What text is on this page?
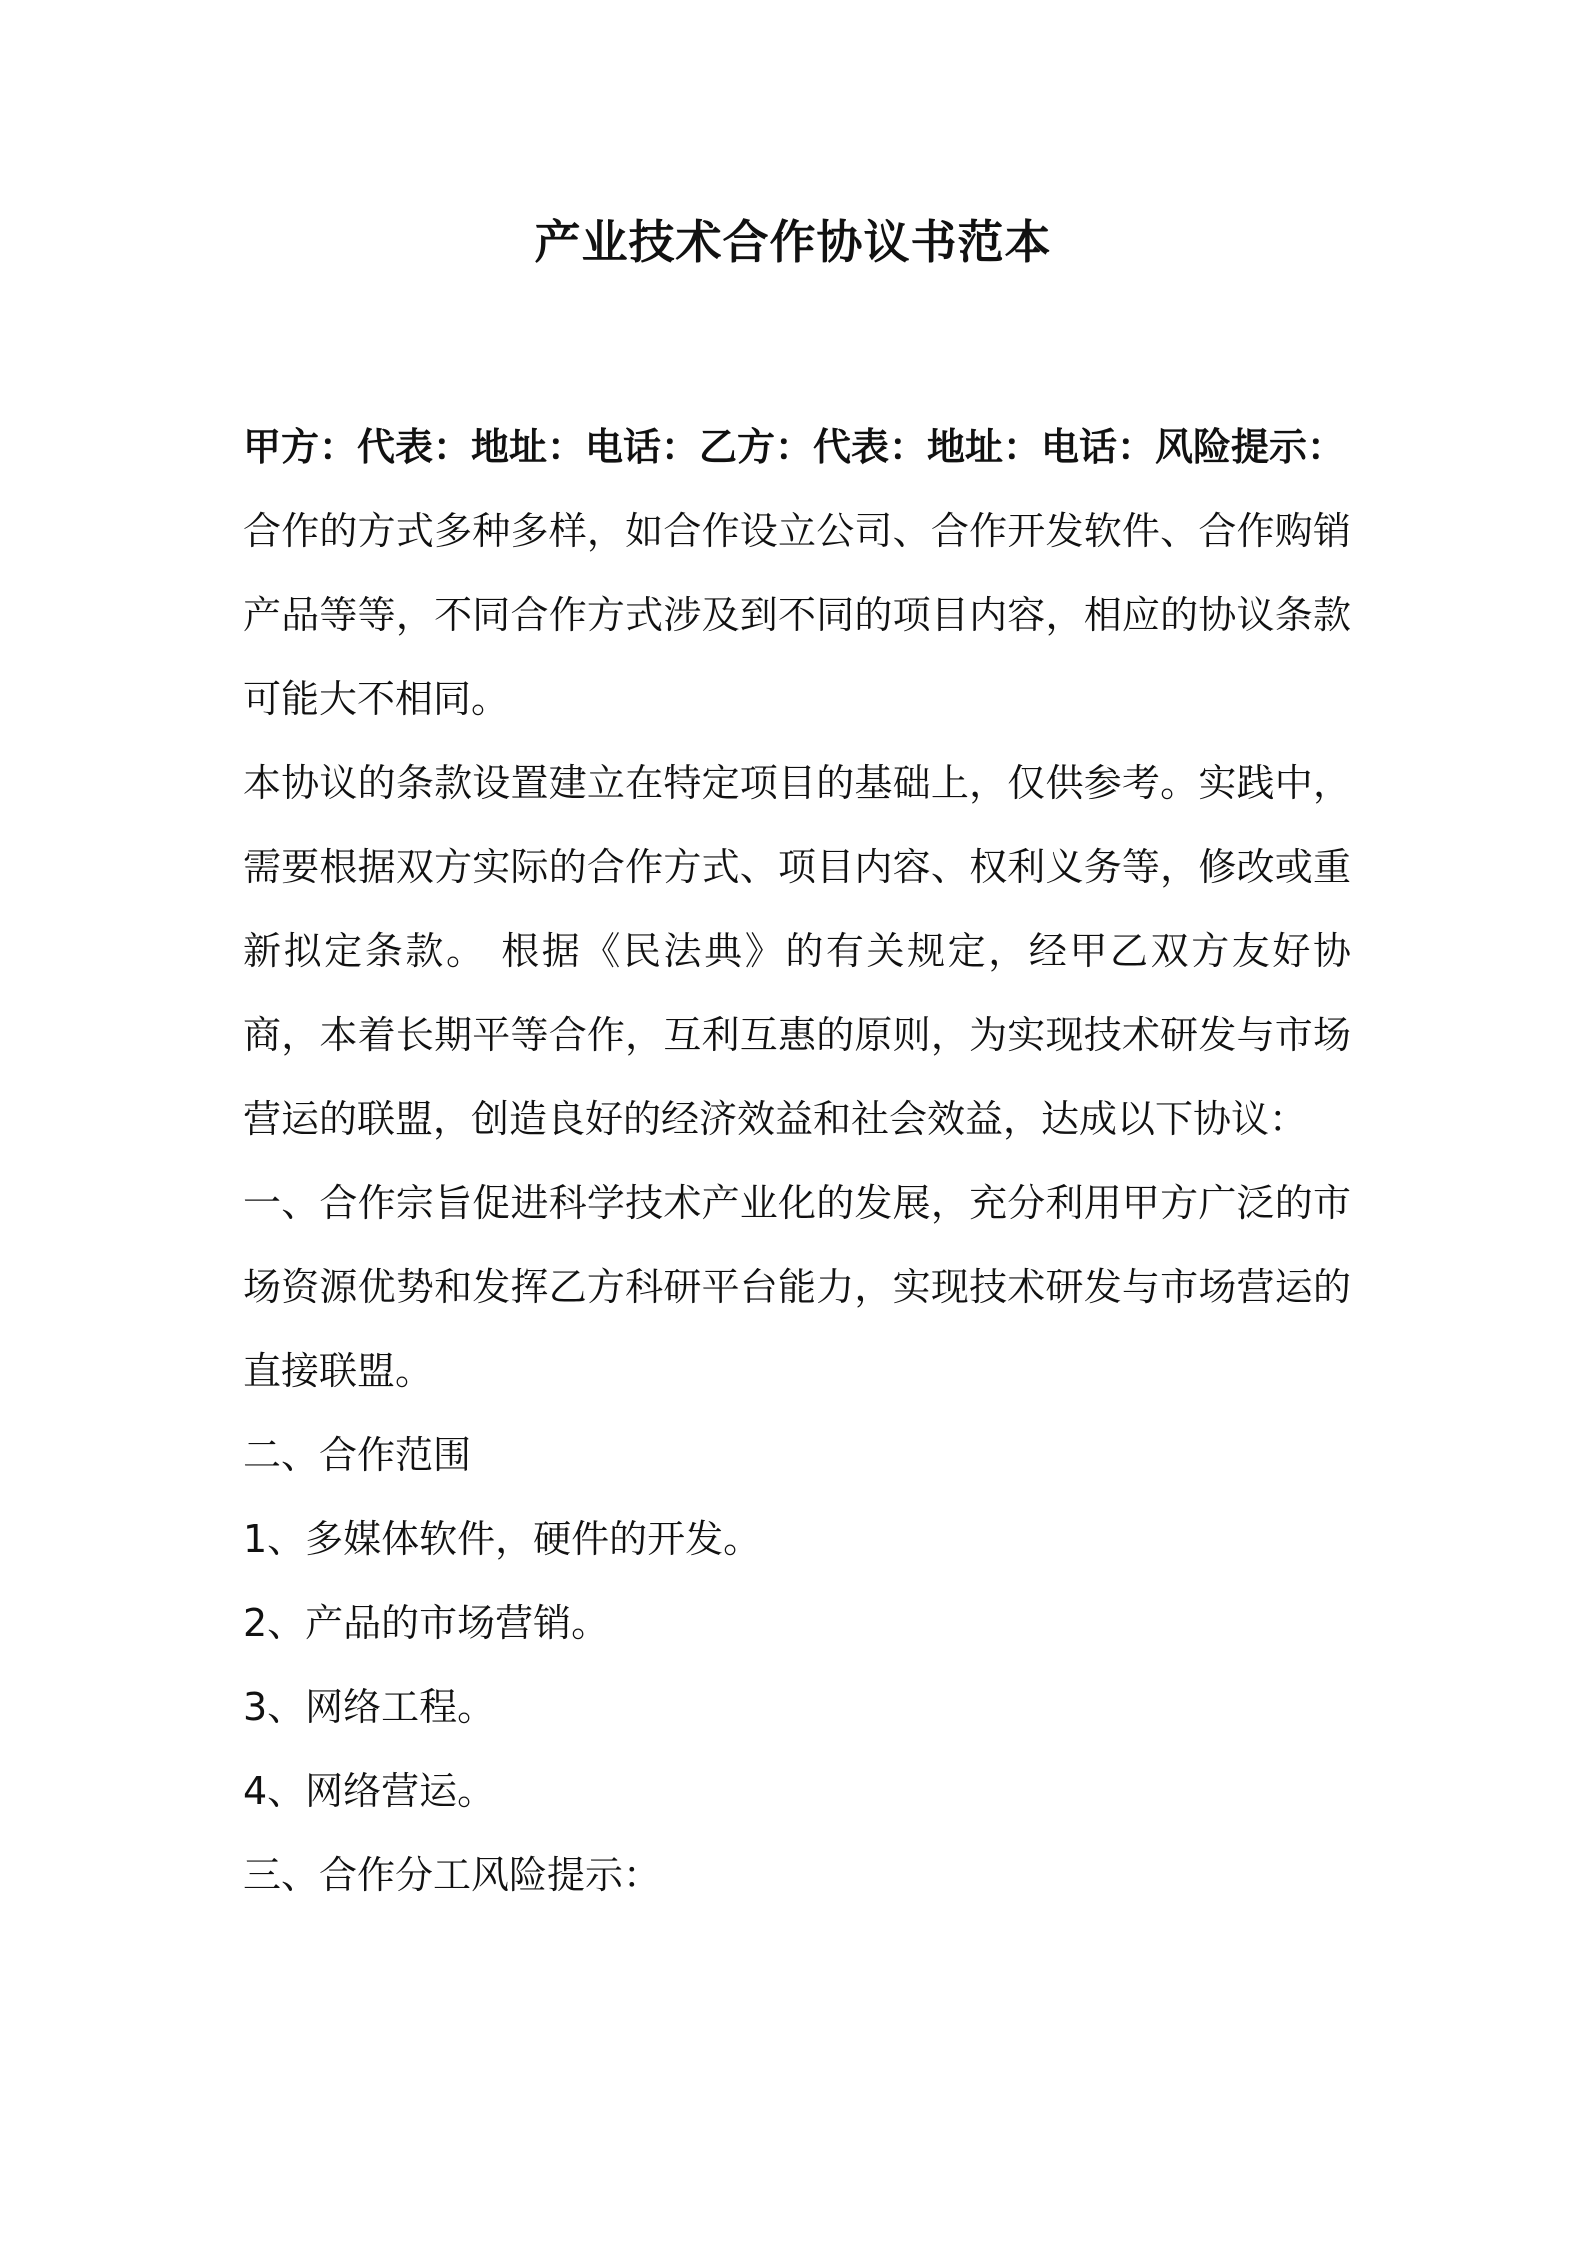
产业技术合作协议书范本

甲方：代表：地址：电话：乙方：代表：地址：电话：风险提示：

合作的方式多种多样，如合作设立公司、合作开发软件、合作购销产品等等，不同合作方式涉及到不同的项目内容，相应的协议条款可能大不相同。

本协议的条款设置建立在特定项目的基础上，仅供参考。实践中，需要根据双方实际的合作方式、项目内容、权利义务等，修改或重新拟定条款。 根据《民法典》的有关规定，经甲乙双方友好协商，本着长期平等合作，互利互惠的原则，为实现技术研发与市场营运的联盟，创造良好的经济效益和社会效益，达成以下协议：

一、合作宗旨促进科学技术产业化的发展，充分利用甲方广泛的市场资源优势和发挥乙方科研平台能力，实现技术研发与市场营运的直接联盟。

二、合作范围

1、多媒体软件，硬件的开发。

2、产品的市场营销。

3、网络工程。

4、网络营运。

三、合作分工风险提示：
